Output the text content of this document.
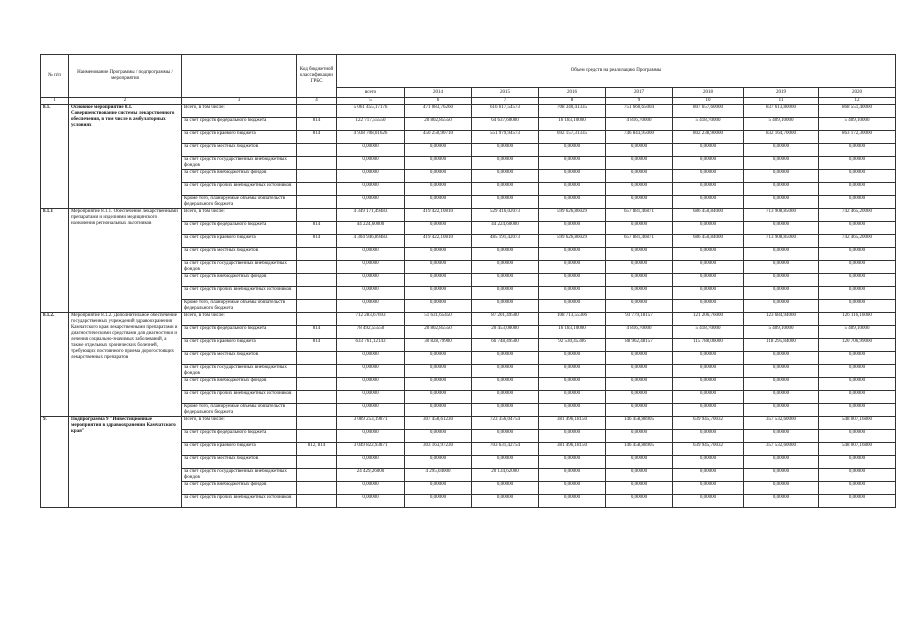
№ п/п	Наименование Программы / подпрограммы / мероприятия		Код бюджетной классификации ГРБС	Объем средств на реализацию Программы							
				всего	2014	2015	2016	2017	2018	2019	2020
1	2	3	4	5	6	7	8	9	10	11	12
8.1.	Основное мероприятие 8.1. Совершенствование системы лекарственного обеспечения, в том числе в амбулаторных условиях	Всего, в том числе:		5 061 455,17176	471 083,76260	616 617,54573	708 340,41335	751 660,65004	807 657,60000	837 613,80000	868 551,40000
		за счет средств федерального бюджета	814	122 717,55550	20 802,85550	64 637,60000	16 183,10000	4 816,70000	5 418,70000	5 409,10000	5 409,10000
		за счет средств краевого бюджета	814	4 938 708,01626	450 250,90710	551 979,94573	692 157,31335	746 843,95000	802 238,90000	832 164,70000	863 172,30000
		за счет средств местных бюджетов		0,00000	0,00000	0,00000	0,00000	0,00000	0,00000	0,00000	0,00000
		за счет средств государственных внебюджетных фондов		0,00000	0,00000	0,00000	0,00000	0,00000	0,00000	0,00000	0,00000
		за счет средств внебюджетных фондов		0,00000	0,00000	0,00000	0,00000	0,00000	0,00000	0,00000	0,00000
		за счет средств прочих внебюджетных источников		0,00000	0,00000	0,00000	0,00000	0,00000	0,00000	0,00000	0,00000
		Кроме того, планируемые объемы обязательств федерального бюджета		0,00000	0,00000	0,00000	0,00000	0,00000	0,00000	0,00000	0,00000
8.1.1	Мероприятие 8.1.1. Обеспечение лекарственными препаратами и изделиями медицинского назначения региональных льготников	Всего, в том числе:		4 349 171,49483	419 422,10810	529 416,02073	599 626,86029	657 881,46871	686 450,84000	713 908,85000	742 465,20000
		за счет средств федерального бюджета	814	44 224,60000	0,00000	44 224,60000	0,00000	0,00000	0,00000	0,00000	0,00000
		за счет средств краевого бюджета	814	4 304 946,89483	419 422,10810	485 191,42073	599 626,86029	657 881,46871	686 450,84000	713 908,85000	742 465,20000
		за счет средств местных бюджетов		0,00000	0,00000	0,00000	0,00000	0,00000	0,00000	0,00000	0,00000
		за счет средств государственных внебюджетных фондов		0,00000	0,00000	0,00000	0,00000	0,00000	0,00000	0,00000	0,00000
		за счет средств внебюджетных фондов		0,00000	0,00000	0,00000	0,00000	0,00000	0,00000	0,00000	0,00000
		за счет средств прочих внебюджетных источников		0,00000	0,00000	0,00000	0,00000	0,00000	0,00000	0,00000	0,00000
		Кроме того, планируемые объемы обязательств федерального бюджета		0,00000	0,00000	0,00000	0,00000	0,00000	0,00000	0,00000	0,00000
8.1.2.	Мероприятие 8.1.2. Дополнительное обеспечение государственных учреждений здравоохранения Камчатского края лекарственными препаратами и диагностическими средствами для диагностики и лечения социально-значимых заболеваний, а также отдельных хронических болезней, требующих постоянного приема дорогостоящих лекарственных препаратов	Всего, в том числе:		712 283,67693	51 631,65450	87 201,49500	108 713,55306	93 779,18157	121 206,76000	123 684,94000	126 116,16000
		за счет средств федерального бюджета	814	78 492,55550	20 802,85550	20 453,00000	16 183,10000	4 816,70000	5 418,70000	5 409,10000	5 409,10000
		за счет средств краевого бюджета	814	633 761,12143	30 828,79900	66 748,49500	92 530,45306	88 962,48157	115 788,06000	118 295,84000	120 706,99000
		за счет средств местных бюджетов		0,00000	0,00000	0,00000	0,00000	0,00000	0,00000	0,00000	0,00000
		за счет средств государственных внебюджетных фондов		0,00000	0,00000	0,00000	0,00000	0,00000	0,00000	0,00000	0,00000
		за счет средств внебюджетных фондов		0,00000	0,00000	0,00000	0,00000	0,00000	0,00000	0,00000	0,00000
		за счет средств прочих внебюджетных источников		0,00000	0,00000	0,00000	0,00000	0,00000	0,00000	0,00000	0,00000
		Кроме того, планируемые объемы обязательств федерального бюджета		0,00000	0,00000	0,00000	0,00000	0,00000	0,00000	0,00000	0,00000
9.	Подпрограмма 9 "Инвестиционные мероприятия в здравоохранении Камчатского края"	Всего, в том числе:		3 089 253,19871	307 458,61230	723 356,04754	381 496,18150	146 458,88905	639 945,70032	357 532,60000	548 007,16800
		за счет средств федерального бюджета		0,00000	0,00000	0,00000	0,00000	0,00000	0,00000	0,00000	0,00000
		за счет средств краевого бюджета	812, 814	3 049 822,93871	303 163,97230	703 631,42754	381 496,18150	146 458,88905	639 945,70032	357 532,60000	548 007,16800
		за счет средств местных бюджетов		0,00000	0,00000	0,00000	0,00000	0,00000	0,00000	0,00000	0,00000
		за счет средств государственных внебюджетных фондов		24 429,26000	4 295,04000	20 134,62000	0,00000	0,00000	0,00000	0,00000	0,00000
		за счет средств внебюджетных фондов		0,00000	0,00000	0,00000	0,00000	0,00000	0,00000	0,00000	0,00000
		за счет средств прочих внебюджетных источников		0,00000	0,00000	0,00000	0,00000	0,00000	0,00000	0,00000	0,00000
